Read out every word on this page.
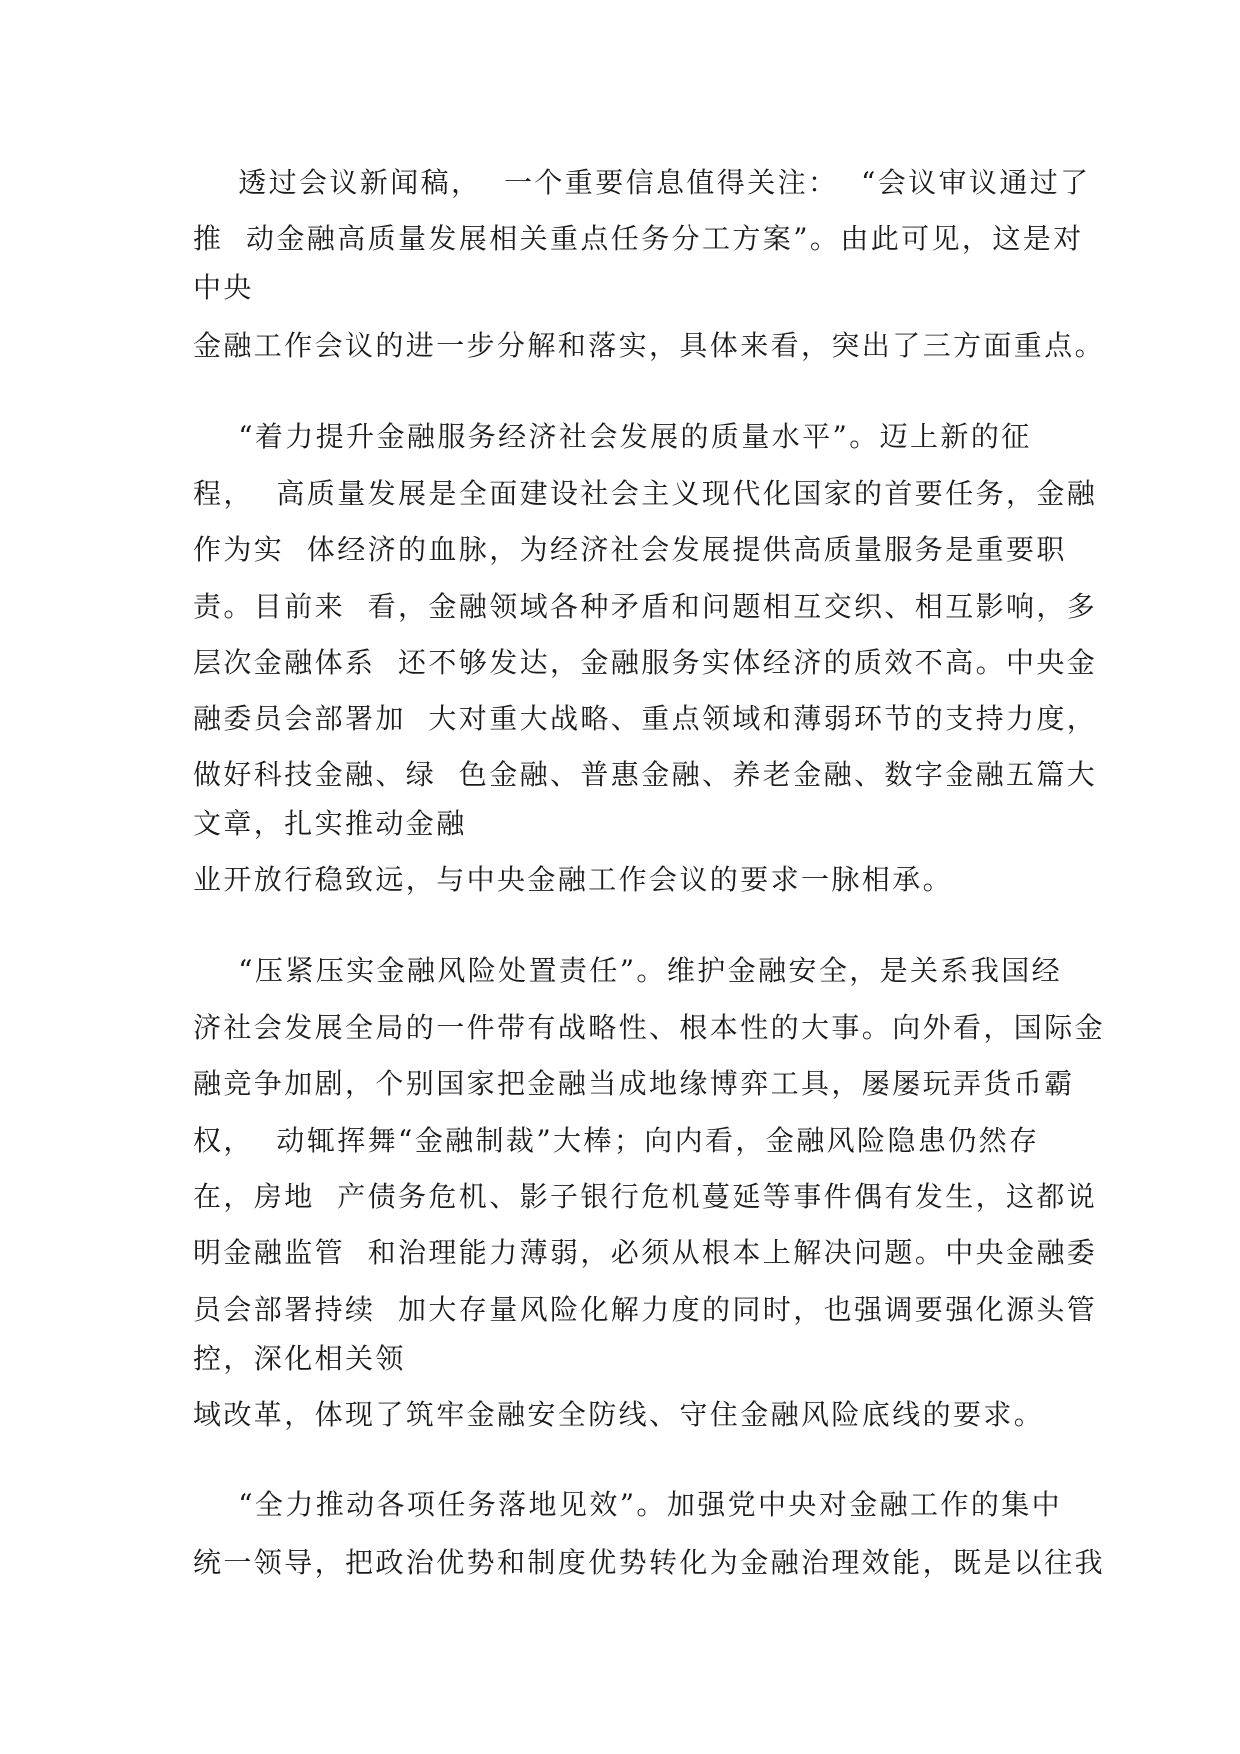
透过会议新闻稿，  一个重要信息值得关注：  “会议审议通过了
推  动金融高质量发展相关重点任务分工方案”。由此可见，这是对
中央
金融工作会议的进一步分解和落实，具体来看，突出了三方面重点。
“着力提升金融服务经济社会发展的质量水平”。迈上新的征
程，  高质量发展是全面建设社会主义现代化国家的首要任务，金融
作为实  体经济的血脉，为经济社会发展提供高质量服务是重要职
责。目前来  看，金融领域各种矛盾和问题相互交织、相互影响，多
层次金融体系  还不够发达，金融服务实体经济的质效不高。中央金
融委员会部署加  大对重大战略、重点领域和薄弱环节的支持力度，
做好科技金融、绿  色金融、普惠金融、养老金融、数字金融五篇大
文章，扎实推动金融
业开放行稳致远，与中央金融工作会议的要求一脉相承。
“压紧压实金融风险处置责任”。维护金融安全，是关系我国经
济社会发展全局的一件带有战略性、根本性的大事。向外看，国际金
融竞争加剧，个别国家把金融当成地缘博弈工具，屡屡玩弄货币霸
权，  动辄挥舞“金融制裁”大棒；向内看，金融风险隐患仍然存
在，房地  产债务危机、影子银行危机蔓延等事件偶有发生，这都说
明金融监管  和治理能力薄弱，必须从根本上解决问题。中央金融委
员会部署持续  加大存量风险化解力度的同时，也强调要强化源头管
控，深化相关领
域改革，体现了筑牢金融安全防线、守住金融风险底线的要求。
“全力推动各项任务落地见效”。加强党中央对金融工作的集中
统一领导，把政治优势和制度优势转化为金融治理效能，既是以往我
